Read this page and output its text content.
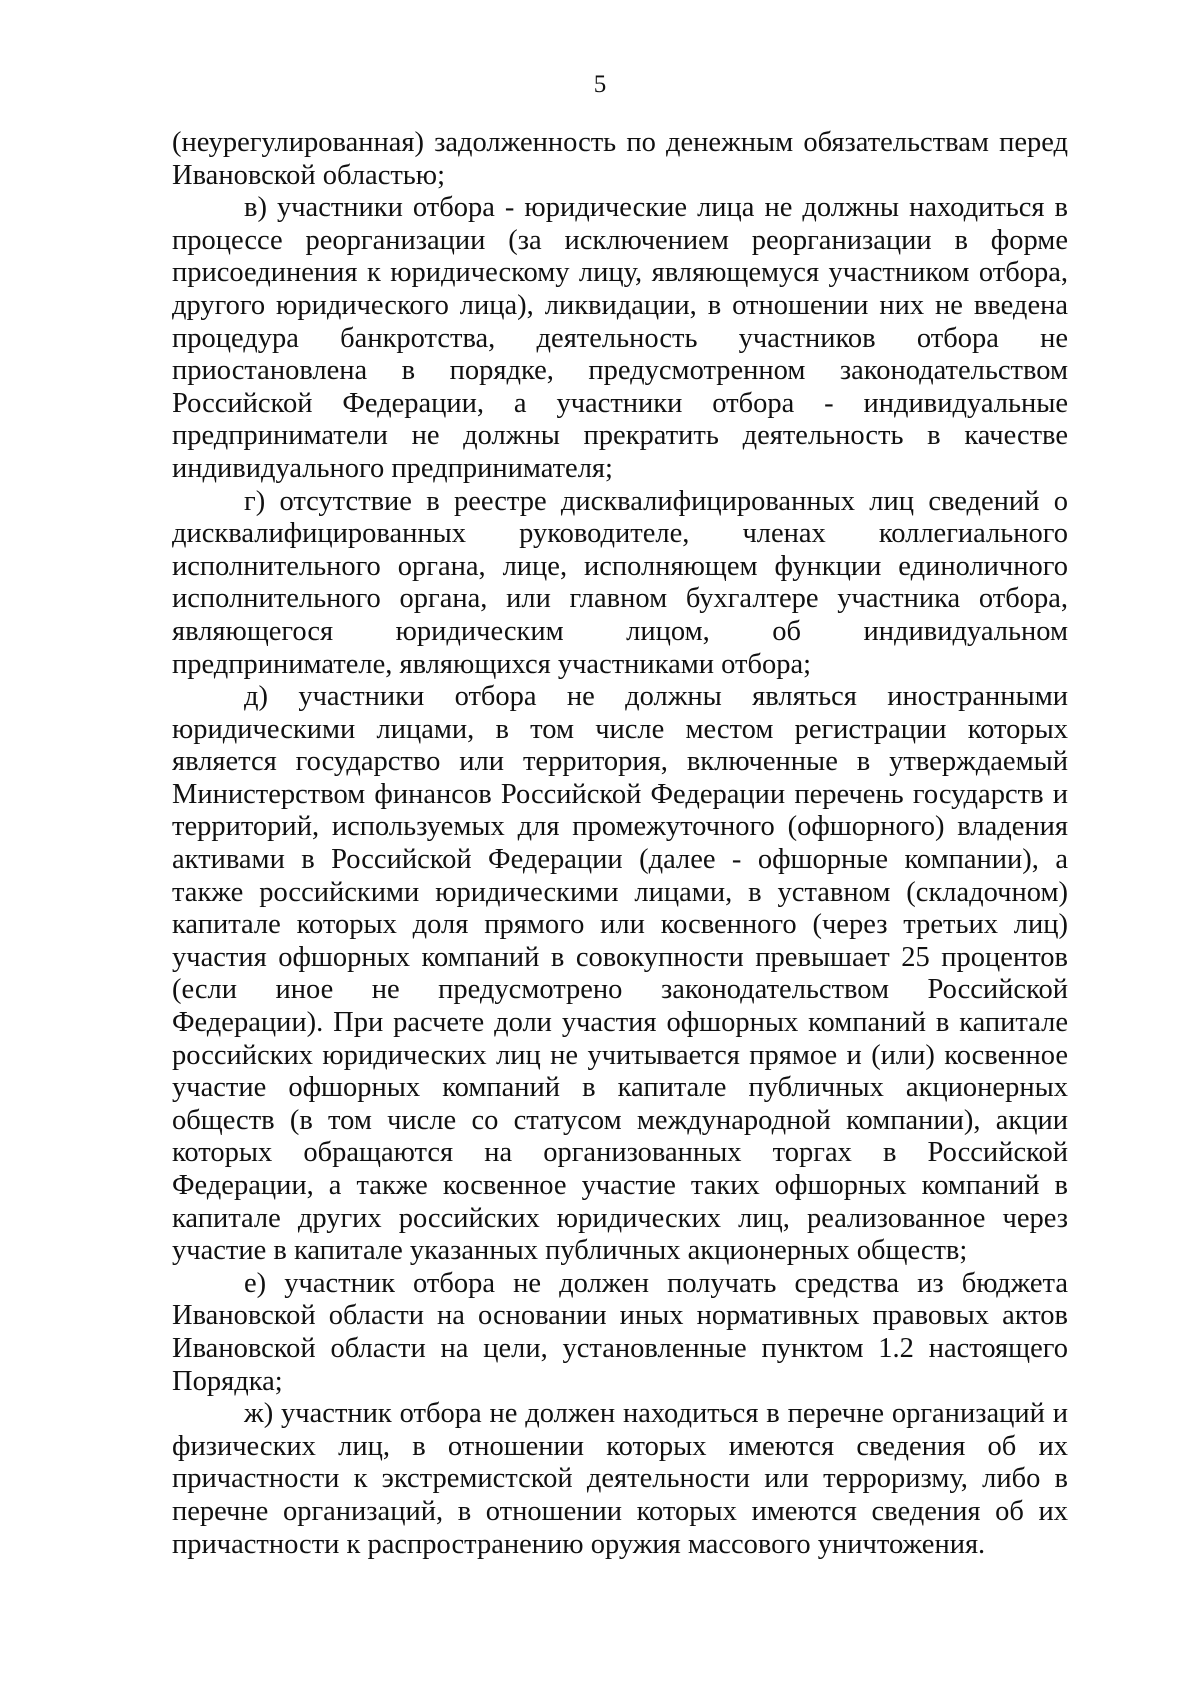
5

(неурегулированная) задолженность по денежным обязательствам перед Ивановской областью;

в) участники отбора - юридические лица не должны находиться в процессе реорганизации (за исключением реорганизации в форме присоединения к юридическому лицу, являющемуся участником отбора, другого юридического лица), ликвидации, в отношении них не введена процедура банкротства, деятельность участников отбора не приостановлена в порядке, предусмотренном законодательством Российской Федерации, а участники отбора - индивидуальные предприниматели не должны прекратить деятельность в качестве индивидуального предпринимателя;

г) отсутствие в реестре дисквалифицированных лиц сведений о дисквалифицированных руководителе, членах коллегиального исполнительного органа, лице, исполняющем функции единоличного исполнительного органа, или главном бухгалтере участника отбора, являющегося юридическим лицом, об индивидуальном предпринимателе, являющихся участниками отбора;

д) участники отбора не должны являться иностранными юридическими лицами, в том числе местом регистрации которых является государство или территория, включенные в утверждаемый Министерством финансов Российской Федерации перечень государств и территорий, используемых для промежуточного (офшорного) владения активами в Российской Федерации (далее - офшорные компании), а также российскими юридическими лицами, в уставном (складочном) капитале которых доля прямого или косвенного (через третьих лиц) участия офшорных компаний в совокупности превышает 25 процентов (если иное не предусмотрено законодательством Российской Федерации). При расчете доли участия офшорных компаний в капитале российских юридических лиц не учитывается прямое и (или) косвенное участие офшорных компаний в капитале публичных акционерных обществ (в том числе со статусом международной компании), акции которых обращаются на организованных торгах в Российской Федерации, а также косвенное участие таких офшорных компаний в капитале других российских юридических лиц, реализованное через участие в капитале указанных публичных акционерных обществ;

е) участник отбора не должен получать средства из бюджета Ивановской области на основании иных нормативных правовых актов Ивановской области на цели, установленные пунктом 1.2 настоящего Порядка;

ж) участник отбора не должен находиться в перечне организаций и физических лиц, в отношении которых имеются сведения об их причастности к экстремистской деятельности или терроризму, либо в перечне организаций, в отношении которых имеются сведения об их причастности к распространению оружия массового уничтожения.
